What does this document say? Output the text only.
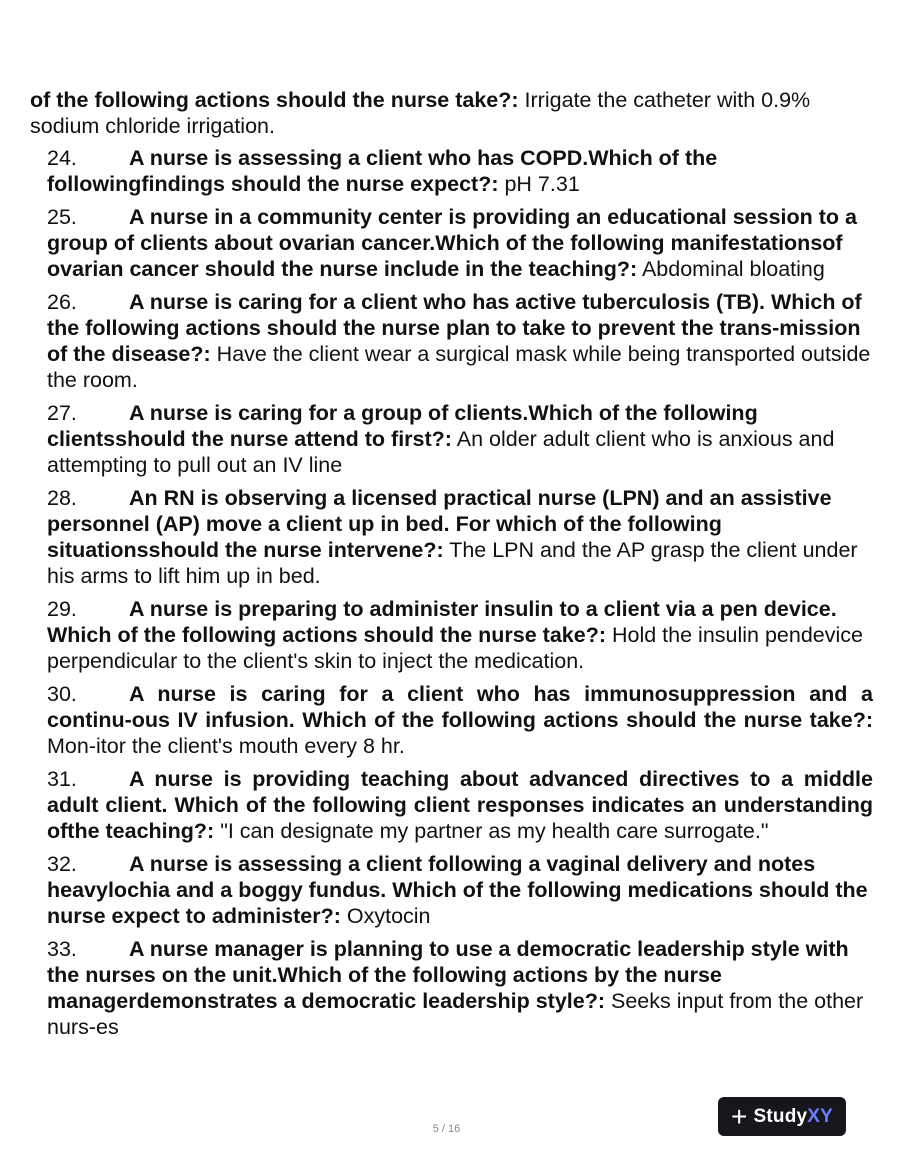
of the following actions should the nurse take?: Irrigate the catheter with 0.9% sodium chloride irrigation.

24. A nurse is assessing a client who has COPD.Which of the followingfindings should the nurse expect?: pH 7.31

25. A nurse in a community center is providing an educational session to a group of clients about ovarian cancer.Which of the following manifestationsof ovarian cancer should the nurse include in the teaching?: Abdominal bloating

26. A nurse is caring for a client who has active tuberculosis (TB). Which of the following actions should the nurse plan to take to prevent the trans-mission of the disease?: Have the client wear a surgical mask while being transported outside the room.

27. A nurse is caring for a group of clients.Which of the following clientsshould the nurse attend to first?: An older adult client who is anxious and attempting to pull out an IV line

28. An RN is observing a licensed practical nurse (LPN) and an assistive personnel (AP) move a client up in bed. For which of the following situationsshould the nurse intervene?: The LPN and the AP grasp the client under his arms to lift him up in bed.

29. A nurse is preparing to administer insulin to a client via a pen device. Which of the following actions should the nurse take?: Hold the insulin pendevice perpendicular to the client's skin to inject the medication.

30. A nurse is caring for a client who has immunosuppression and a continu-ous IV infusion. Which of the following actions should the nurse take?: Mon-itor the client's mouth every 8 hr.

31. A nurse is providing teaching about advanced directives to a middle adult client. Which of the following client responses indicates an understanding ofthe teaching?: "I can designate my partner as my health care surrogate."

32. A nurse is assessing a client following a vaginal delivery and notes heavylochia and a boggy fundus. Which of the following medications should the nurse expect to administer?: Oxytocin

33. A nurse manager is planning to use a democratic leadership style with the nurses on the unit.Which of the following actions by the nurse managerdemonstrates a democratic leadership style?: Seeks input from the other nurs-es

5 / 16	+ Study XY
